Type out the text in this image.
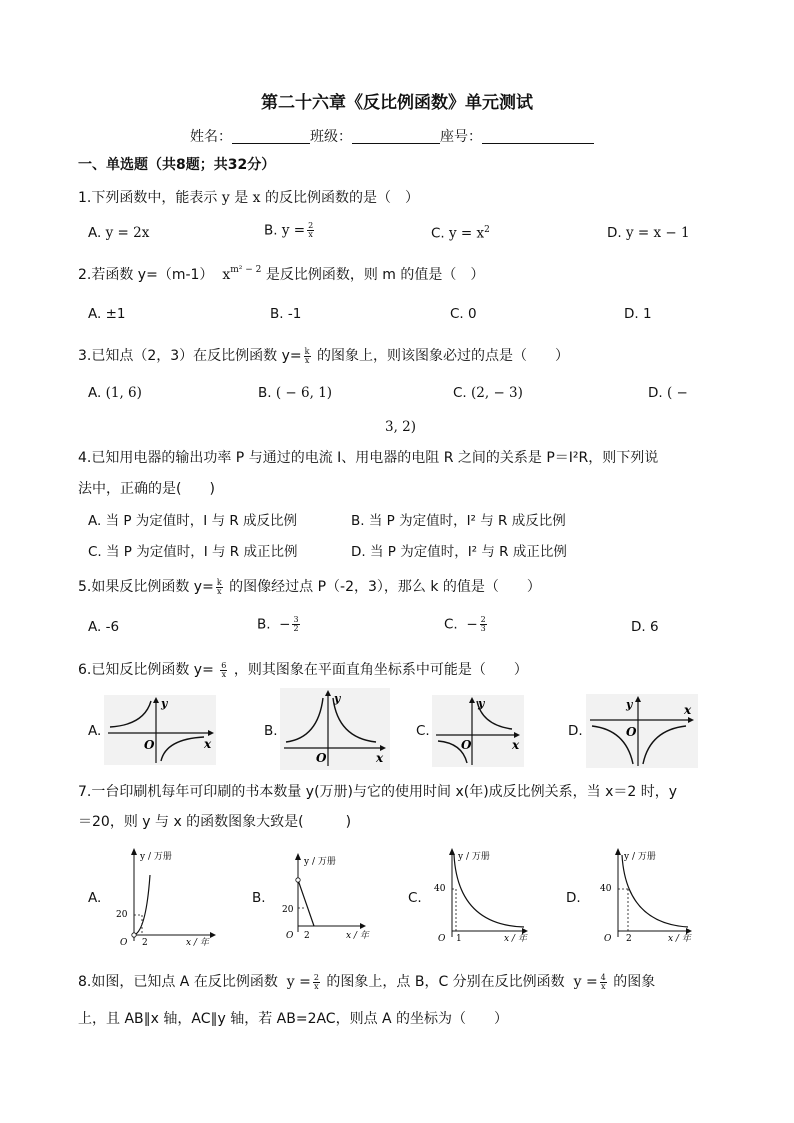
第二十六章《反比例函数》单元测试
姓名：	班级：	座号：
一、单选题（共8题；共32分）
1.下列函数中，能表示 y 是 x 的反比例函数的是（　）
A. y = 2x	B. $y = \frac{2}{x}$	C. $y = x^2$	D. y = x − 1
2.若函数 y=（m-1） $x^{m^2 - 2}$ 是反比例函数，则 m 的值是（　）
A. ±1	B. -1	C. 0	D. 1
3.已知点（2，3）在反比例函数 $y= \frac{k}{x}$ 的图象上，则该图象必过的点是（　　）
A. (1, 6)	B. ( − 6, 1)	C. (2, − 3)	D. ( −
3, 2)
4.已知用电器的输出功率 P 与通过的电流 I、用电器的电阻 R 之间的关系是 P＝I²R，则下列说
法中，正确的是(　　)
A. 当 P 为定值时，I 与 R 成反比例	B. 当 P 为定值时，I² 与 R 成反比例
C. 当 P 为定值时，I 与 R 成正比例	D. 当 P 为定值时，I² 与 R 成正比例
5.如果反比例函数 $y= \frac{k}{x}$ 的图像经过点 P（-2，3），那么 k 的值是（　　）
A. -6	B. − $\frac{3}{2}$	C. − $\frac{2}{3}$	D. 6
6.已知反比例函数 $y= \frac{6}{x}$ ，则其图象在平面直角坐标系中可能是（　　）
A.
y
x
O
B.
y
x
O
C.
y
x
O
D.
y	x
O
7.一台印刷机每年可印刷的书本数量 y(万册)与它的使用时间 x(年)成反比例关系，当 x＝2 时，y
＝20，则 y 与 x 的函数图象大致是(　　　)
A.
y / 万册
20
2
O	x / 年
B.
y / 万册
20
2
O	x / 年
C.
y / 万册
40
1
O	x / 年
D.
y / 万册
40
2
O	x / 年
8.如图，已知点 A 在反比例函数 $y = \frac{2}{x}$ 的图象上，点 B，C 分别在反比例函数 $y = \frac{4}{x}$ 的图象
上，且 AB∥x 轴，AC∥y 轴，若 AB=2AC，则点 A 的坐标为（　　）
